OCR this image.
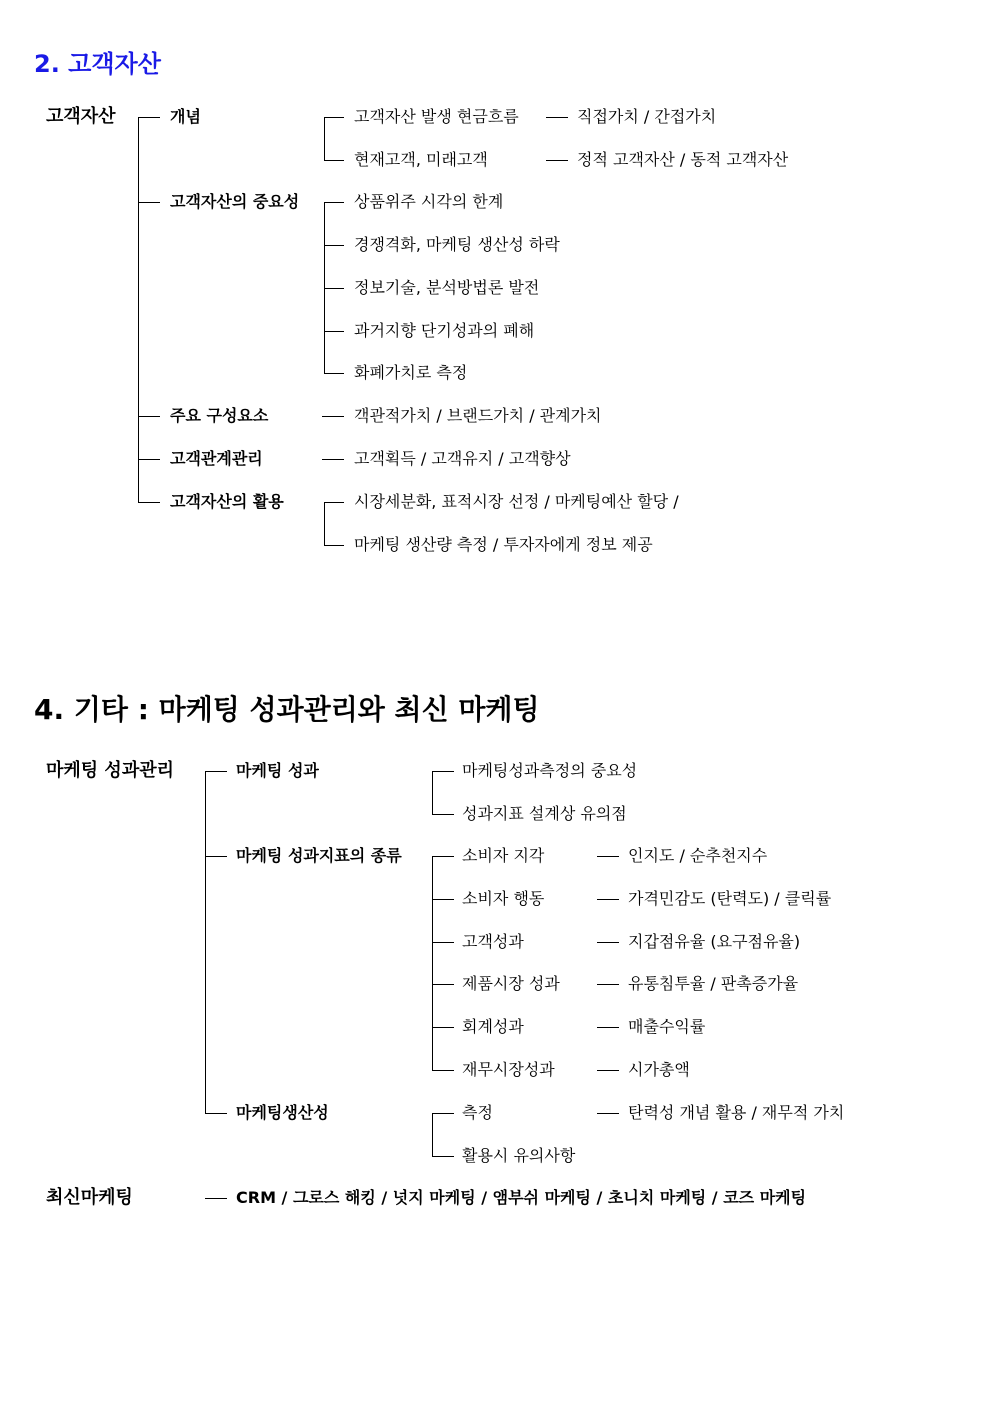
2. 고객자산
고객자산	개념
고객자산의 중요성
주요 구성요소
고객관계관리
고객자산의 활용
고객자산 발생 현금흐름	직접가치 / 간접가치
현재고객, 미래고객	정적 고객자산 / 동적 고객자산
상품위주 시각의 한계
경쟁격화, 마케팅 생산성 하락
정보기술, 분석방법론 발전
과거지향 단기성과의 폐해
화폐가치로 측정
객관적가치 / 브랜드가치 / 관계가치
고객획득 / 고객유지 / 고객향상
시장세분화, 표적시장 선정 / 마케팅예산 할당 /
마케팅 생산량 측정 / 투자자에게 정보 제공
4. 기타 : 마케팅 성과관리와 최신 마케팅
마케팅 성과관리	마케팅 성과
마케팅 성과지표의 종류
마케팅생산성
마케팅성과측정의 중요성
성과지표 설계상 유의점
소비자 지각	인지도 / 순추천지수
소비자 행동	가격민감도 (탄력도) / 클릭률
고객성과	지갑점유율 (요구점유율)
제품시장 성과	유통침투율 / 판촉증가율
회계성과	매출수익률
재무시장성과	시가총액
측정	탄력성 개념 활용 / 재무적 가치
활용시 유의사항
최신마케팅	CRM / 그로스 해킹 / 넛지 마케팅 / 앰부쉬 마케팅 / 초니치 마케팅 / 코즈 마케팅
